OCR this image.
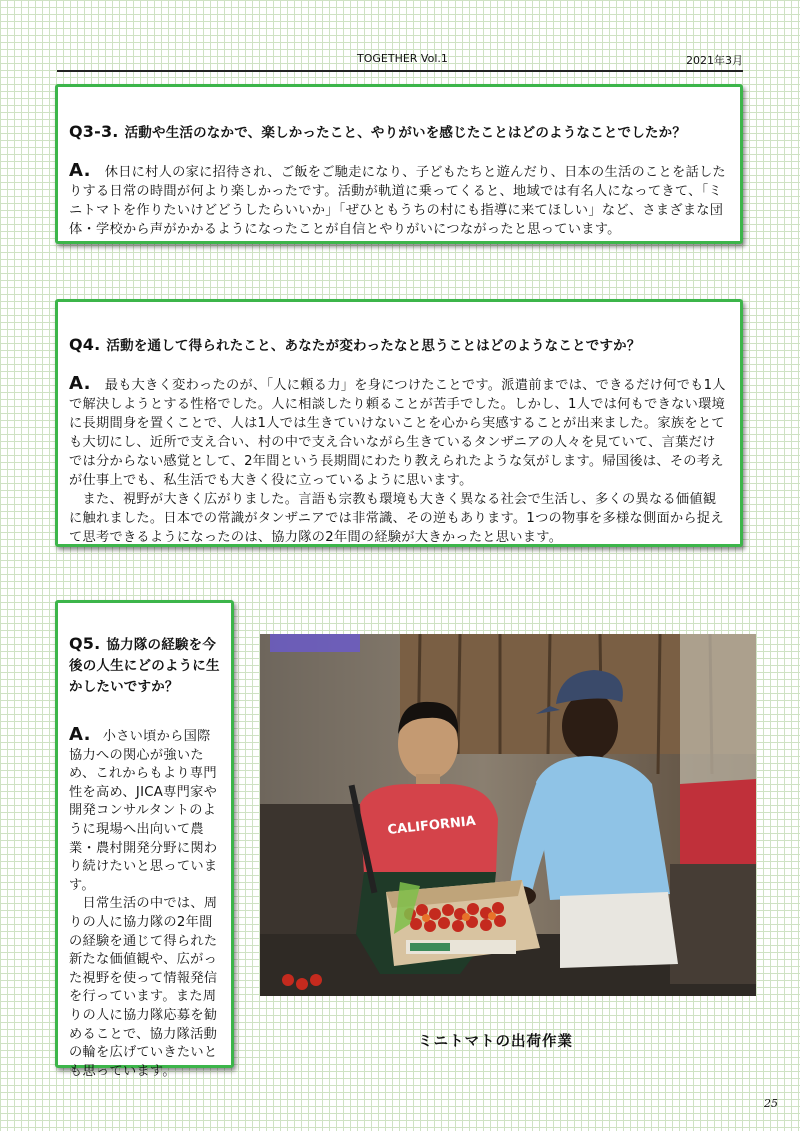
TOGETHER Vol.1	2021年3月
Q3-3. 活動や生活のなかで、楽しかったこと、やりがいを感じたことはどのようなことでしたか？

A. 休日に村人の家に招待され、ご飯をご馳走になり、子どもたちと遊んだり、日本の生活のことを話したりする日常の時間が何より楽しかったです。活動が軌道に乗ってくると、地域では有名人になってきて、「ミニトマトを作りたいけどどうしたらいいか」「ぜひともうちの村にも指導に来てほしい」など、さまざまな団体・学校から声がかかるようになったことが自信とやりがいにつながったと思っています。

Q4. 活動を通して得られたこと、あなたが変わったなと思うことはどのようなことですか？

A. 最も大きく変わったのが、「人に頼る力」を身につけたことです。派遣前までは、できるだけ何でも1人で解決しようとする性格でした。人に相談したり頼ることが苦手でした。しかし、1人では何もできない環境に長期間身を置くことで、人は1人では生きていけないことを心から実感することが出来ました。家族をとても大切にし、近所で支え合い、村の中で支え合いながら生きているタンザニアの人々を見ていて、言葉だけでは分からない感覚として、2年間という長期間にわたり教えられたような気がします。帰国後は、その考えが仕事上でも、私生活でも大きく役に立っているように思います。

　また、視野が大きく広がりました。言語も宗教も環境も大きく異なる社会で生活し、多くの異なる価値観に触れました。日本での常識がタンザニアでは非常識、その逆もあります。1つの物事を多様な側面から捉えて思考できるようになったのは、協力隊の2年間の経験が大きかったと思います。

Q5. 協力隊の経験を今後の人生にどのように生かしたいですか？

A. 小さい頃から国際協力への関心が強いため、これからもより専門性を高め、JICA専門家や開発コンサルタントのように現場へ出向いて農業・農村開発分野に関わり続けたいと思っています。

　日常生活の中では、周りの人に協力隊の2年間の経験を通じて得られた新たな価値観や、広がった視野を使って情報発信を行っています。また周りの人に協力隊応募を勧めることで、協力隊活動の輪を広げていきたいとも思っています。

CALIFORNIA
ミニトマトの出荷作業
25
